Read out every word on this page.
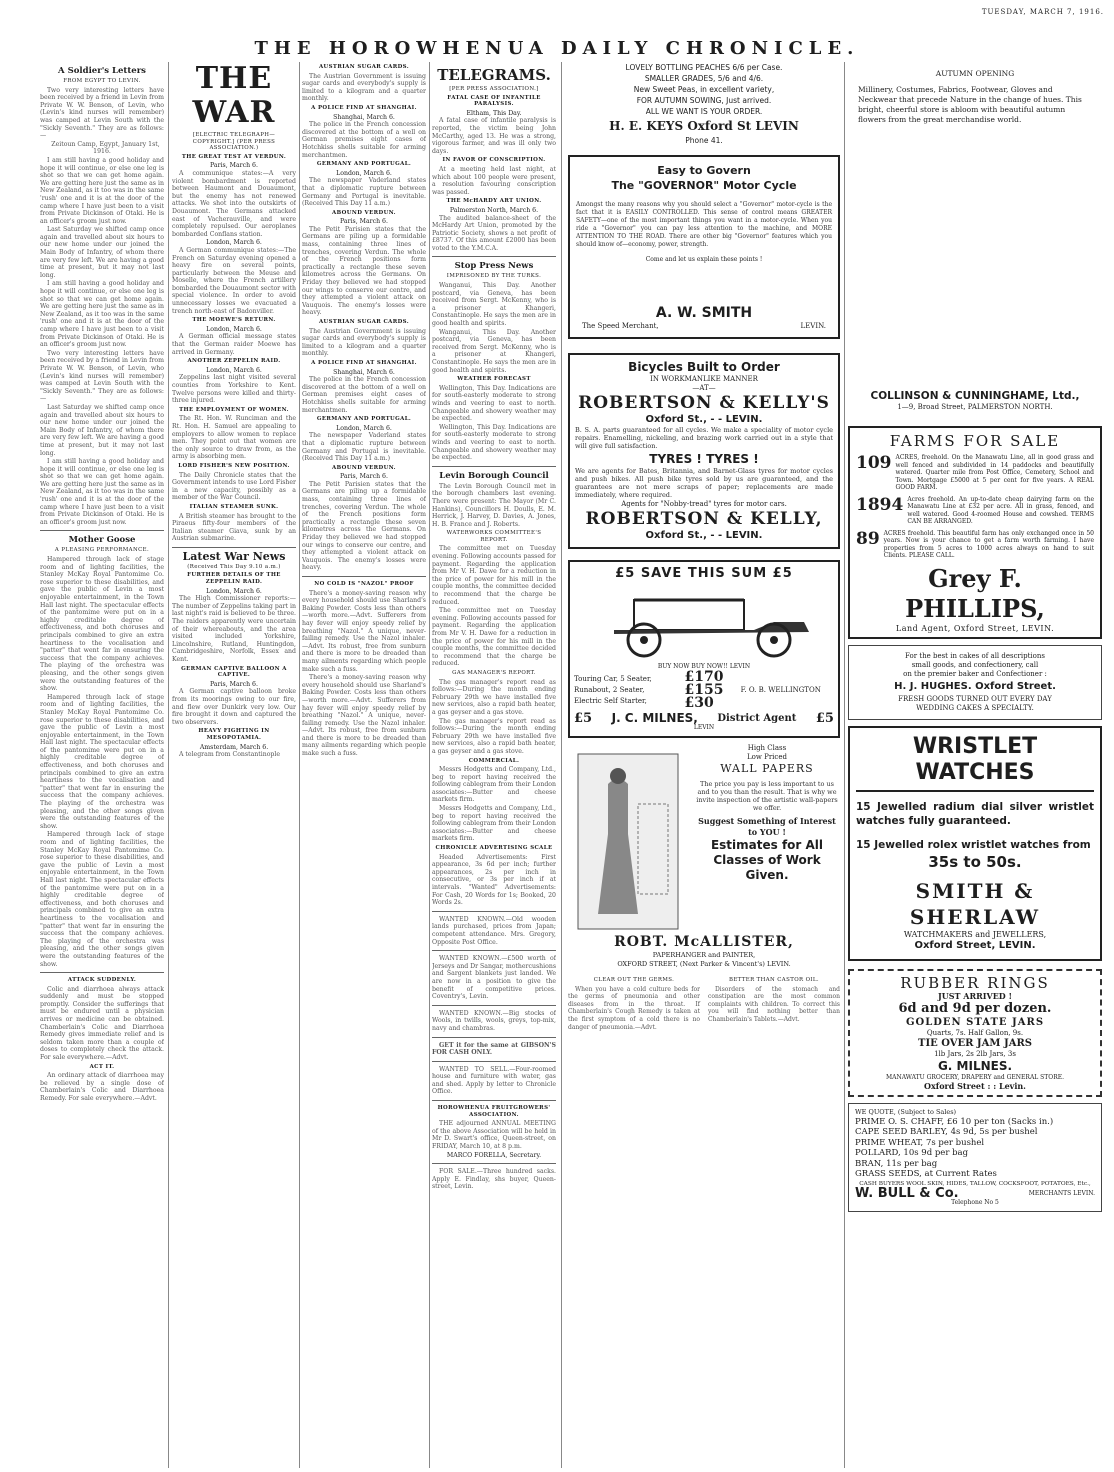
TUESDAY, MARCH 7, 1916.
THE HOROWHENUA DAILY CHRONICLE.
A Soldier's Letters
FROM EGYPT TO LEVIN.

Two very interesting letters have been received by a friend in Levin from Private W. W. Benson, of Levin, who (Levin's kind nurses will remember) was camped at Levin South with the "Sickly Seventh." They are as follows:—

Zeitoun Camp, Egypt, January 1st, 1916.

I am still having a good holiday and hope it will continue, or else one leg is shot so that we can get home again. We are getting here just the same as in New Zealand, as it too was in the same 'rush' one and it is at the door of the camp where I have just been to a visit from Private Dickinson of Otaki. He is an officer's groom just now.

Last Saturday we shifted camp once again and travelled about six hours to our new home under our joined the Main Body of Infantry, of whom there are very few left. We are having a good time at present, but it may not last long.

I am still having a good holiday and hope it will continue, or else one leg is shot so that we can get home again. We are getting here just the same as in New Zealand, as it too was in the same 'rush' one and it is at the door of the camp where I have just been to a visit from Private Dickinson of Otaki. He is an officer's groom just now.

Two very interesting letters have been received by a friend in Levin from Private W. W. Benson, of Levin, who (Levin's kind nurses will remember) was camped at Levin South with the "Sickly Seventh." They are as follows:—

Last Saturday we shifted camp once again and travelled about six hours to our new home under our joined the Main Body of Infantry, of whom there are very few left. We are having a good time at present, but it may not last long.

I am still having a good holiday and hope it will continue, or else one leg is shot so that we can get home again. We are getting here just the same as in New Zealand, as it too was in the same 'rush' one and it is at the door of the camp where I have just been to a visit from Private Dickinson of Otaki. He is an officer's groom just now.

Mother Goose
A PLEASING PERFORMANCE.

Hampered through lack of stage room and of lighting facilities, the Stanley McKay Royal Pantomime Co. rose superior to these disabilities, and gave the public of Levin a most enjoyable entertainment, in the Town Hall last night. The spectacular effects of the pantomime were put on in a highly creditable degree of effectiveness, and both choruses and principals combined to give an extra heartiness to the vocalisation and "patter" that went far in ensuring the success that the company achieves. The playing of the orchestra was pleasing, and the other songs given were the outstanding features of the show.

Hampered through lack of stage room and of lighting facilities, the Stanley McKay Royal Pantomime Co. rose superior to these disabilities, and gave the public of Levin a most enjoyable entertainment, in the Town Hall last night. The spectacular effects of the pantomime were put on in a highly creditable degree of effectiveness, and both choruses and principals combined to give an extra heartiness to the vocalisation and "patter" that went far in ensuring the success that the company achieves. The playing of the orchestra was pleasing, and the other songs given were the outstanding features of the show.

Hampered through lack of stage room and of lighting facilities, the Stanley McKay Royal Pantomime Co. rose superior to these disabilities, and gave the public of Levin a most enjoyable entertainment, in the Town Hall last night. The spectacular effects of the pantomime were put on in a highly creditable degree of effectiveness, and both choruses and principals combined to give an extra heartiness to the vocalisation and "patter" that went far in ensuring the success that the company achieves. The playing of the orchestra was pleasing, and the other songs given were the outstanding features of the show.

ATTACK SUDDENLY.

Colic and diarrhoea always attack suddenly and must be stopped promptly. Consider the sufferings that must be endured until a physician arrives or medicine can be obtained. Chamberlain's Colic and Diarrhoea Remedy gives immediate relief and is seldom taken more than a couple of doses to completely check the attack. For sale everywhere.—Advt.

ACT IT.

An ordinary attack of diarrhoea may be relieved by a single dose of Chamberlain's Colic and Diarrhoea Remedy. For sale everywhere.—Advt.

THE WAR
[ELECTRIC TELEGRAPH—COPYRIGHT.] (PER PRESS ASSOCIATION.)
THE GREAT TEST AT VERDUN.
Paris, March 6.

A communique states:—A very violent bombardment is reported between Haumont and Douaumont, but the enemy has not renewed attacks. We shot into the outskirts of Douaumont. The Germans attacked east of Vacherauville, and were completely repulsed. Our aeroplanes bombarded Conflans station.

London, March 6.

A German communique states:—The French on Saturday evening opened a heavy fire on several points, particularly between the Meuse and Moselle, where the French artillery bombarded the Douaumont sector with special violence. In order to avoid unnecessary losses we evacuated a trench north-east of Badonviller.

THE MOEWE'S RETURN.
London, March 6.

A German official message states that the German raider Moewe has arrived in Germany.

ANOTHER ZEPPELIN RAID.
London, March 6.

Zeppelins last night visited several counties from Yorkshire to Kent. Twelve persons were killed and thirty-three injured.

THE EMPLOYMENT OF WOMEN.

The Rt. Hon. W. Runciman and the Rt. Hon. H. Samuel are appealing to employers to allow women to replace men. They point out that women are the only source to draw from, as the army is absorbing men.

LORD FISHER'S NEW POSITION.

The Daily Chronicle states that the Government intends to use Lord Fisher in a new capacity, possibly as a member of the War Council.

ITALIAN STEAMER SUNK.

A British steamer has brought to the Piraeus fifty-four members of the Italian steamer Giava, sunk by an Austrian submarine.

Latest War News
(Received This Day 9.10 a.m.)
FURTHER DETAILS OF THE ZEPPELIN RAID.
London, March 6.

The High Commissioner reports:—The number of Zeppelins taking part in last night's raid is believed to be three. The raiders apparently were uncertain of their whereabouts, and the area visited included Yorkshire, Lincolnshire, Rutland, Huntingdon, Cambridgeshire, Norfolk, Essex and Kent.

GERMAN CAPTIVE BALLOON A CAPTIVE.
Paris, March 6.

A German captive balloon broke from its moorings owing to our fire, and flew over Dunkirk very low. Our fire brought it down and captured the two observers.

HEAVY FIGHTING IN MESOPOTAMIA.
Amsterdam, March 6.

A telegram from Constantinople

AUSTRIAN SUGAR CARDS.

The Austrian Government is issuing sugar cards and everybody's supply is limited to a kilogram and a quarter monthly.

A POLICE FIND AT SHANGHAI.
Shanghai, March 6.

The police in the French concession discovered at the bottom of a well on German premises eight cases of Hotchkiss shells suitable for arming merchantmen.

GERMANY AND PORTUGAL.
London, March 6.

The newspaper Vaderland states that a diplomatic rupture between Germany and Portugal is inevitable. (Received This Day 11 a.m.)

ABOUND VERDUN.
Paris, March 6.

The Petit Parisien states that the Germans are piling up a formidable mass, containing three lines of trenches, covering Verdun. The whole of the French positions form practically a rectangle these seven kilometres across the Germans. On Friday they believed we had stopped our wings to conserve our centre, and they attempted a violent attack on Vauquois. The enemy's losses were heavy.

AUSTRIAN SUGAR CARDS.

The Austrian Government is issuing sugar cards and everybody's supply is limited to a kilogram and a quarter monthly.

A POLICE FIND AT SHANGHAI.
Shanghai, March 6.

The police in the French concession discovered at the bottom of a well on German premises eight cases of Hotchkiss shells suitable for arming merchantmen.

GERMANY AND PORTUGAL.
London, March 6.

The newspaper Vaderland states that a diplomatic rupture between Germany and Portugal is inevitable. (Received This Day 11 a.m.)

ABOUND VERDUN.
Paris, March 6.

The Petit Parisien states that the Germans are piling up a formidable mass, containing three lines of trenches, covering Verdun. The whole of the French positions form practically a rectangle these seven kilometres across the Germans. On Friday they believed we had stopped our wings to conserve our centre, and they attempted a violent attack on Vauquois. The enemy's losses were heavy.

NO COLD IS "NAZOL" PROOF

There's a money-saving reason why every household should use Sharland's Baking Powder. Costs less than others—worth more.—Advt. Sufferers from hay fever will enjoy speedy relief by breathing "Nazol." A unique, never-failing remedy. Use the Nazol inhaler.—Advt. Its robust, free from sunburn and there is more to be dreaded than many ailments regarding which people make such a fuss.

There's a money-saving reason why every household should use Sharland's Baking Powder. Costs less than others—worth more.—Advt. Sufferers from hay fever will enjoy speedy relief by breathing "Nazol." A unique, never-failing remedy. Use the Nazol inhaler.—Advt. Its robust, free from sunburn and there is more to be dreaded than many ailments regarding which people make such a fuss.

TELEGRAMS.
[PER PRESS ASSOCIATION.]
FATAL CASE OF INFANTILE PARALYSIS.
Eltham, This Day.

A fatal case of infantile paralysis is reported, the victim being John McCarthy, aged 13. He was a strong, vigorous farmer, and was ill only two days.

IN FAVOR OF CONSCRIPTION.

At a meeting held last night, at which about 100 people were present, a resolution favouring conscription was passed.

THE McHARDY ART UNION.
Palmerston North, March 6.

The audited balance-sheet of the McHardy Art Union, promoted by the Patriotic Society, shows a net profit of £8737. Of this amount £2000 has been voted to the Y.M.C.A.

Stop Press News
IMPRISONED BY THE TURKS.

Wanganui, This Day. Another postcard, via Geneva, has been received from Sergt. McKenny, who is a prisoner at Khangeri, Constantinople. He says the men are in good health and spirits.

Wanganui, This Day. Another postcard, via Geneva, has been received from Sergt. McKenny, who is a prisoner at Khangeri, Constantinople. He says the men are in good health and spirits.

WEATHER FORECAST

Wellington, This Day. Indications are for south-easterly moderate to strong winds and veering to east to north. Changeable and showery weather may be expected.

Wellington, This Day. Indications are for south-easterly moderate to strong winds and veering to east to north. Changeable and showery weather may be expected.

Levin Borough Council

The Levin Borough Council met in the borough chambers last evening. There were present: The Mayor (Mr C. Hankins), Councillors H. Doulls, E. M. Herrick, J. Harvey, D. Davies, A. Jones, H. B. France and J. Roberts.

WATERWORKS COMMITTEE'S REPORT.

The committee met on Tuesday evening. Following accounts passed for payment. Regarding the application from Mr V. H. Dawe for a reduction in the price of power for his mill in the couple months, the committee decided to recommend that the charge be reduced.

The committee met on Tuesday evening. Following accounts passed for payment. Regarding the application from Mr V. H. Dawe for a reduction in the price of power for his mill in the couple months, the committee decided to recommend that the charge be reduced.

GAS MANAGER'S REPORT.

The gas manager's report read as follows:—During the month ending February 29th we have installed five new services, also a rapid bath heater, a gas geyser and a gas stove.

The gas manager's report read as follows:—During the month ending February 29th we have installed five new services, also a rapid bath heater, a gas geyser and a gas stove.

COMMERCIAL.

Messrs Hodgetts and Company, Ltd., beg to report having received the following cablegram from their London associates:—Butter and cheese markets firm.

Messrs Hodgetts and Company, Ltd., beg to report having received the following cablegram from their London associates:—Butter and cheese markets firm.

CHRONICLE ADVERTISING SCALE

Headed Advertisements: First appearance, 3s 6d per inch; further appearances, 2s per inch in consecutive, or 3s per inch if at intervals. "Wanted" Advertisements: For Cash, 20 Words for 1s; Booked, 20 Words 2s.

WANTED KNOWN.—Old wooden lands purchased, prices from Japan; competent attendance. Mrs. Gregory, Opposite Post Office.

WANTED KNOWN.—£500 worth of Jerseys and Dr Sangar, mothercushions and Sargent blankets just landed. We are now in a position to give the benefit of competitive prices. Coventry's, Levin.

WANTED KNOWN.—Big stocks of Wools, in twills, wools, greys, top-mix, navy and chambras.

GET it for the same at GIBSON'S FOR CASH ONLY.

WANTED TO SELL.—Four-roomed house and furniture with water, gas and shed. Apply by letter to Chronicle Office.

HOROWHENUA FRUITGROWERS' ASSOCIATION.

THE adjourned ANNUAL MEETING of the above Association will be held in Mr D. Swart's office, Queen-street, on FRIDAY, March 10, at 8 p.m.

MARCO FORELLA, Secretary.

FOR SALE.—Three hundred sacks. Apply E. Findlay, shs buyer, Queen-street, Levin.

LOVELY BOTTLING PEACHES 6/6 per Case.
SMALLER GRADES, 5/6 and 4/6.
New Sweet Peas, in excellent variety,
FOR AUTUMN SOWING, Just arrived.
ALL WE WANT IS YOUR ORDER.
H. E. KEYS Oxford St LEVIN
Phone 41.
Easy to Govern
The "GOVERNOR" Motor Cycle

Amongst the many reasons why you should select a "Governor" motor-cycle is the fact that it is EASILY CONTROLLED. This sense of control means GREATER SAFETY—one of the most important things you want in a motor-cycle. When you ride a "Governor" you can pay less attention to the machine, and MORE ATTENTION TO THE ROAD. There are other big "Governor" features which you should know of—economy, power, strength.

Come and let us explain these points !
A. W. SMITH
The Speed Merchant,	LEVIN.
Bicycles Built to Order
IN WORKMANLIKE MANNER
—AT—
ROBERTSON & KELLY'S
Oxford St., - - LEVIN.

B. S. A. parts guaranteed for all cycles. We make a speciality of motor cycle repairs. Enamelling, nickeling, and brazing work carried out in a style that will give full satisfaction.

TYRES ! TYRES !

We are agents for Bates, Britannia, and Barnet-Glass tyres for motor cycles and push bikes. All push bike tyres sold by us are guaranteed, and the guarantees are not mere scraps of paper; replacements are made immediately, where required.

Agents for "Nobby-tread" tyres for motor cars.
ROBERTSON & KELLY,
Oxford St., - - LEVIN.
£5 SAVE THIS SUM £5
BUY NOW BUY NOW!! LEVIN
Touring Car, 5 Seater,
Runabout, 2 Seater,
Electric Self Starter,
£170
£155
£30
F. O. B. WELLINGTON
£5 J. C. MILNES, District Agent £5
LEVIN
High Class
Low Priced
WALL PAPERS

The price you pay is less important to us and to you than the result. That is why we invite inspection of the artistic wall-papers we offer.

Suggest Something of Interest to YOU !
Estimates for All Classes of Work Given.
ROBT. McALLISTER,
PAPERHANGER and PAINTER,
OXFORD STREET, (Next Parker & Vincent's) LEVIN.
CLEAR OUT THE GERMS.

When you have a cold culture beds for the germs of pneumonia and other diseases from in the throat. If Chamberlain's Cough Remedy is taken at the first symptom of a cold there is no danger of pneumonia.—Advt.

BETTER THAN CASTOR OIL.

Disorders of the stomach and constipation are the most common complaints with children. To correct this you will find nothing better than Chamberlain's Tablets.—Advt.

AUTUMN OPENING
Millinery, Costumes, Fabrics, Footwear, Gloves and Neckwear that precede Nature in the change of hues. This bright, cheerful store is abloom with beautiful autumn flowers from the great merchandise world.
COLLINSON & CUNNINGHAME, Ltd.,
1—9, Broad Street, PALMERSTON NORTH.
FARMS FOR SALE
109 ACRES, freehold. On the Manawatu Line, all in good grass and well fenced and subdivided in 14 paddocks and beautifully watered. Quarter mile from Post Office, Cemetery, School and Town. Mortgage £5000 at 5 per cent for five years. A REAL GOOD FARM.
1894 Acres freehold. An up-to-date cheap dairying farm on the Manawatu Line at £32 per acre. All in grass, fenced, and well watered. Good 4-roomed House and cowshed. TERMS CAN BE ARRANGED.
89 ACRES freehold. This beautiful farm has only exchanged once in 50 years. Now is your chance to get a farm worth farming. I have properties from 5 acres to 1000 acres always on hand to suit Clients. PLEASE CALL.
Grey F. PHILLIPS,
Land Agent, Oxford Street, LEVIN.
For the best in cakes of all descriptions
small goods, and confectionery, call
on the premier baker and Confectioner :
H. J. HUGHES. Oxford Street.
FRESH GOODS TURNED OUT EVERY DAY
WEDDING CAKES A SPECIALTY.
WRISTLET WATCHES
15 Jewelled radium dial silver wristlet watches fully guaranteed.
15 Jewelled rolex wristlet watches from
35s to 50s.
SMITH & SHERLAW
WATCHMAKERS and JEWELLERS,
Oxford Street, LEVIN.
RUBBER RINGS
JUST ARRIVED !
6d and 9d per dozen.
GOLDEN STATE JARS
Quarts, 7s. Half Gallon, 9s.
TIE OVER JAM JARS
1lb Jars, 2s 2lb Jars, 3s
G. MILNES.
MANAWATU GROCERY, DRAPERY and GENERAL STORE.
Oxford Street : : Levin.
WE QUOTE, (Subject to Sales)
PRIME O. S. CHAFF, £6 10 per ton (Sacks in.)
CAPE SEED BARLEY, 4s 9d, 5s per bushel
PRIME WHEAT, 7s per bushel
POLLARD, 10s 9d per bag
BRAN, 11s per bag
GRASS SEEDS, at Current Rates
CASH BUYERS WOOL SKIN, HIDES, TALLOW, COCKSFOOT, POTATOES, Etc.,
W. BULL & Co.	MERCHANTS LEVIN.
Telephone No 5
